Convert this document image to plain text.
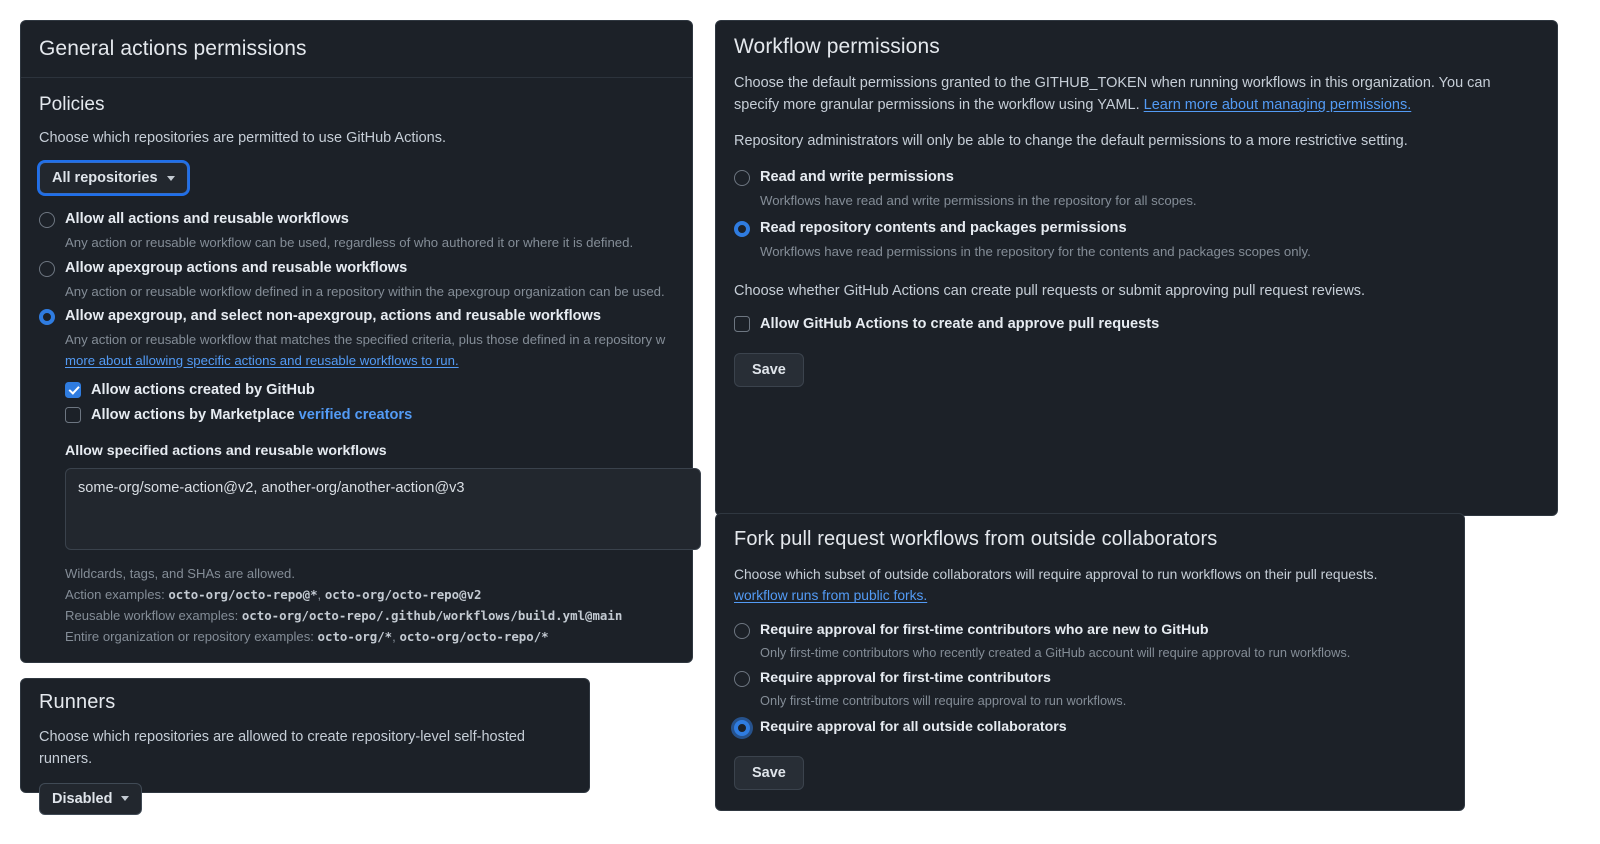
General actions permissions
Policies

Choose which repositories are permitted to use GitHub Actions.

All repositories
Allow all actions and reusable workflows
Any action or reusable workflow can be used, regardless of who authored it or where it is defined.
Allow apexgroup actions and reusable workflows
Any action or reusable workflow defined in a repository within the apexgroup organization can be used.
Allow apexgroup, and select non-apexgroup, actions and reusable workflows
Any action or reusable workflow that matches the specified criteria, plus those defined in a repository w
more about allowing specific actions and reusable workflows to run.
Allow actions created by GitHub
Allow actions by Marketplace verified creators
Allow specified actions and reusable workflows
some-org/some-action@v2, another-org/another-action@v3
Wildcards, tags, and SHAs are allowed.
Action examples: octo-org/octo-repo@*, octo-org/octo-repo@v2
Reusable workflow examples: octo-org/octo-repo/.github/workflows/build.yml@main
Entire organization or repository examples: octo-org/*, octo-org/octo-repo/*
Runners

Choose which repositories are allowed to create repository-level self-hosted runners.

Disabled
Workflow permissions

Choose the default permissions granted to the GITHUB_TOKEN when running workflows in this organization. You can specify more granular permissions in the workflow using YAML. Learn more about managing permissions.

Repository administrators will only be able to change the default permissions to a more restrictive setting.

Read and write permissions
Workflows have read and write permissions in the repository for all scopes.
Read repository contents and packages permissions
Workflows have read permissions in the repository for the contents and packages scopes only.

Choose whether GitHub Actions can create pull requests or submit approving pull request reviews.

Allow GitHub Actions to create and approve pull requests
Save
Fork pull request workflows from outside collaborators

Choose which subset of outside collaborators will require approval to run workflows on their pull requests.
workflow runs from public forks.

Require approval for first-time contributors who are new to GitHub
Only first-time contributors who recently created a GitHub account will require approval to run workflows.
Require approval for first-time contributors
Only first-time contributors will require approval to run workflows.
Require approval for all outside collaborators
Save
